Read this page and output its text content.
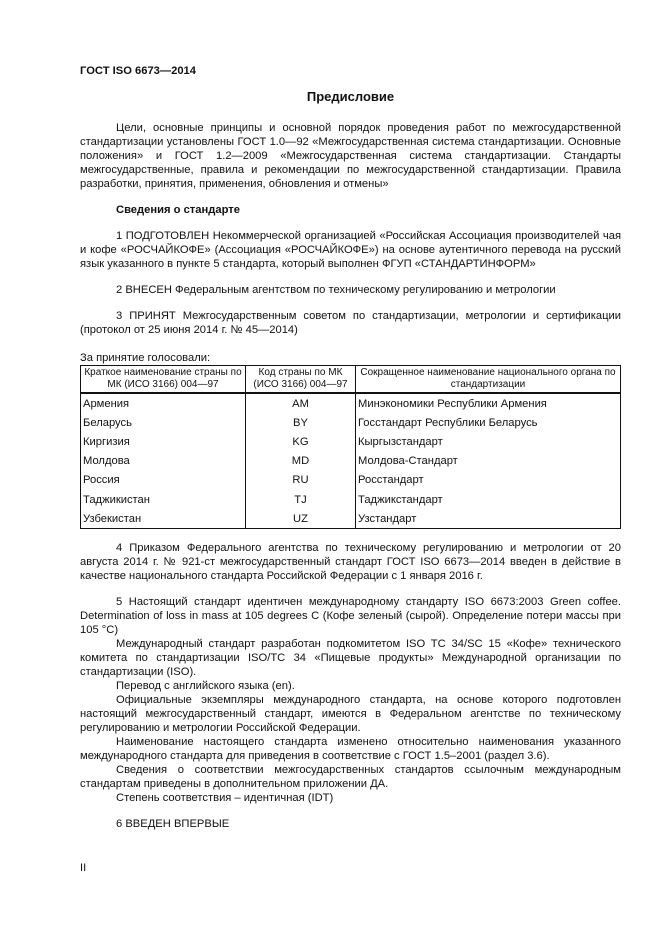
ГОСТ ISO 6673—2014
Предисловие
Цели, основные принципы и основной порядок проведения работ по межгосударственной стандартизации установлены ГОСТ 1.0—92 «Межгосударственная система стандартизации. Основные положения» и ГОСТ 1.2—2009 «Межгосударственная система стандартизации. Стандарты межгосударственные, правила и рекомендации по межгосударственной стандартизации. Правила разработки, принятия, применения, обновления и отмены»
Сведения о стандарте
1 ПОДГОТОВЛЕН Некоммерческой организацией «Российская Ассоциация производителей чая и кофе «РОСЧАЙКОФЕ» (Ассоциация «РОСЧАЙКОФЕ») на основе аутентичного перевода на русский язык указанного в пункте 5 стандарта, который выполнен ФГУП «СТАНДАРТИНФОРМ»
2 ВНЕСЕН Федеральным агентством по техническому регулированию и метрологии
3 ПРИНЯТ Межгосударственным советом по стандартизации, метрологии и сертификации (протокол от 25 июня 2014 г. № 45—2014)
За принятие голосовали:
Краткое наименование страны по МК (ИСО 3166) 004—97	Код страны по МК (ИСО 3166) 004—97	Сокращенное наименование национального органа по стандартизации
Армения	AM	Минэкономики Республики Армения
Беларусь	BY	Госстандарт Республики Беларусь
Киргизия	KG	Кыргызстандарт
Молдова	MD	Молдова-Стандарт
Россия	RU	Росстандарт
Таджикистан	TJ	Таджикстандарт
Узбекистан	UZ	Узстандарт
4 Приказом Федерального агентства по техническому регулированию и метрологии от 20 августа 2014 г. № 921-ст межгосударственный стандарт ГОСТ ISO 6673—2014 введен в действие в качестве национального стандарта Российской Федерации с 1 января 2016 г.
5 Настоящий стандарт идентичен международному стандарту ISO 6673:2003 Green coffee. Determination of loss in mass at 105 degrees C (Кофе зеленый (сырой). Определение потери массы при 105 °C)
Международный стандарт разработан подкомитетом ISO TC 34/SC 15 «Кофе» технического комитета по стандартизации ISO/TC 34 «Пищевые продукты» Международной организации по стандартизации (ISO).
Перевод с английского языка (en).
Официальные экземпляры международного стандарта, на основе которого подготовлен настоящий межгосударственный стандарт, имеются в Федеральном агентстве по техническому регулированию и метрологии Российской Федерации.
Наименование настоящего стандарта изменено относительно наименования указанного международного стандарта для приведения в соответствие с ГОСТ 1.5–2001 (раздел 3.6).
Сведения о соответствии межгосударственных стандартов ссылочным международным стандартам приведены в дополнительном приложении ДА.
Степень соответствия – идентичная (IDT)
6 ВВЕДЕН ВПЕРВЫЕ
II
